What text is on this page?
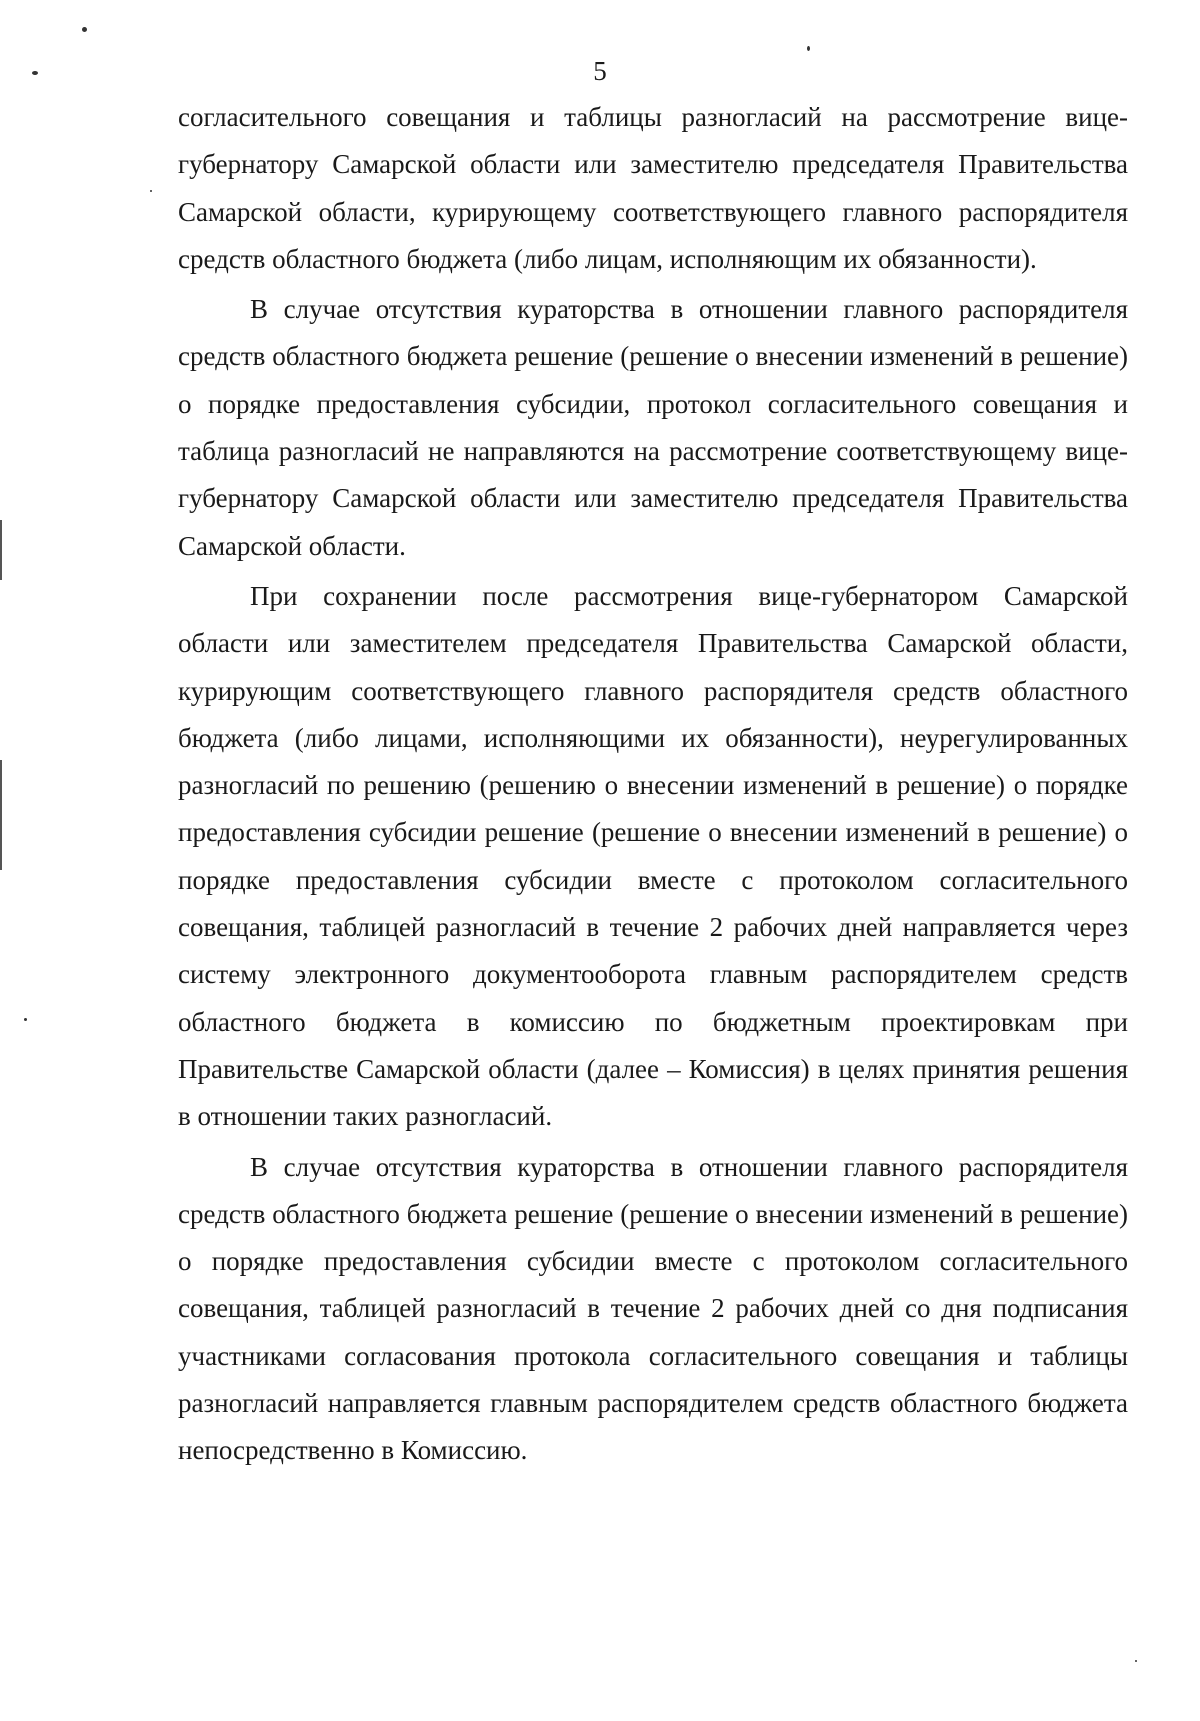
5

согласительного совещания и таблицы разногласий на рассмотрение вице-губернатору Самарской области или заместителю председателя Правительства Самарской области, курирующему соответствующего главного распорядителя средств областного бюджета (либо лицам, исполняющим их обязанности).

В случае отсутствия кураторства в отношении главного распорядителя средств областного бюджета решение (решение о внесении изменений в решение) о порядке предоставления субсидии, протокол согласительного совещания и таблица разногласий не направляются на рассмотрение соответствующему вице-губернатору Самарской области или заместителю председателя Правительства Самарской области.

При сохранении после рассмотрения вице-губернатором Самарской области или заместителем председателя Правительства Самарской области, курирующим соответствующего главного распорядителя средств областного бюджета (либо лицами, исполняющими их обязанности), неурегулированных разногласий по решению (решению о внесении изменений в решение) о порядке предоставления субсидии решение (решение о внесении изменений в решение) о порядке предоставления субсидии вместе с протоколом согласительного совещания, таблицей разногласий в течение 2 рабочих дней направляется через систему электронного документооборота главным распорядителем средств областного бюджета в комиссию по бюджетным проектировкам при Правительстве Самарской области (далее – Комиссия) в целях принятия решения в отношении таких разногласий.

В случае отсутствия кураторства в отношении главного распорядителя средств областного бюджета решение (решение о внесении изменений в решение) о порядке предоставления субсидии вместе с протоколом согласительного совещания, таблицей разногласий в течение 2 рабочих дней со дня подписания участниками согласования протокола согласительного совещания и таблицы разногласий направляется главным распорядителем средств областного бюджета непосредственно в Комиссию.
